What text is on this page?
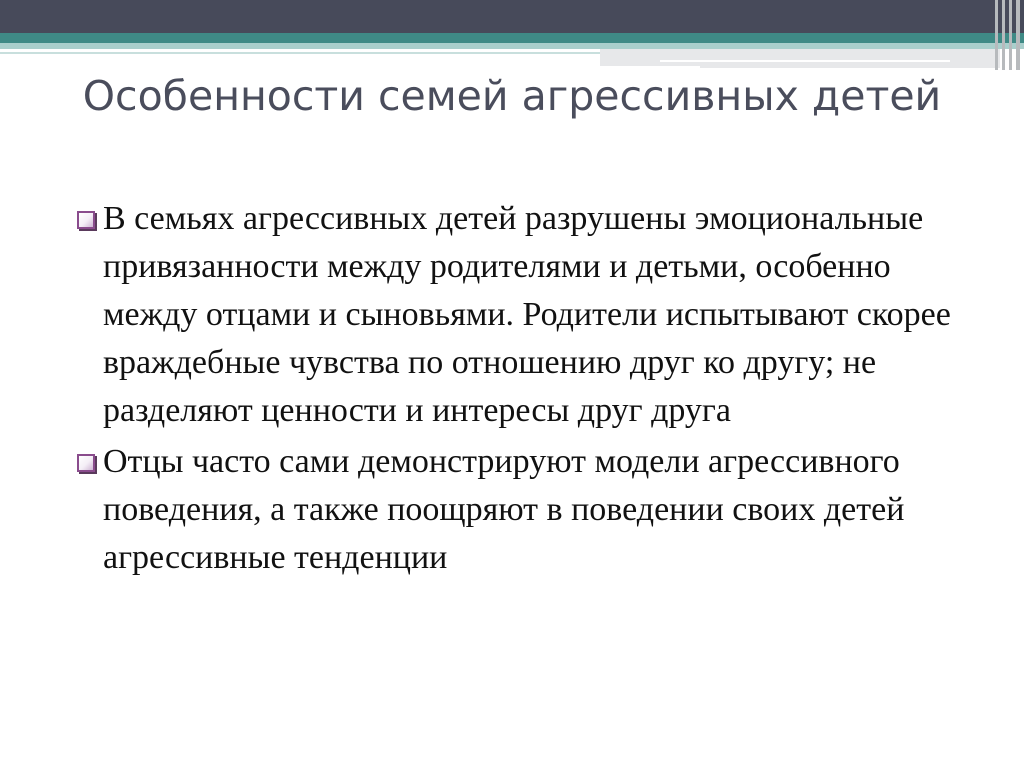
Особенности семей агрессивных детей
В семьях агрессивных детей разрушены эмоциональные привязанности между родителями и детьми, особенно между отцами и сыновьями. Родители испытывают скорее враждебные чувства по отношению друг ко другу; не разделяют ценности и интересы друг друга
Отцы часто сами демонстрируют модели агрессивного поведения, а также поощряют в поведении своих детей агрессивные тенденции
